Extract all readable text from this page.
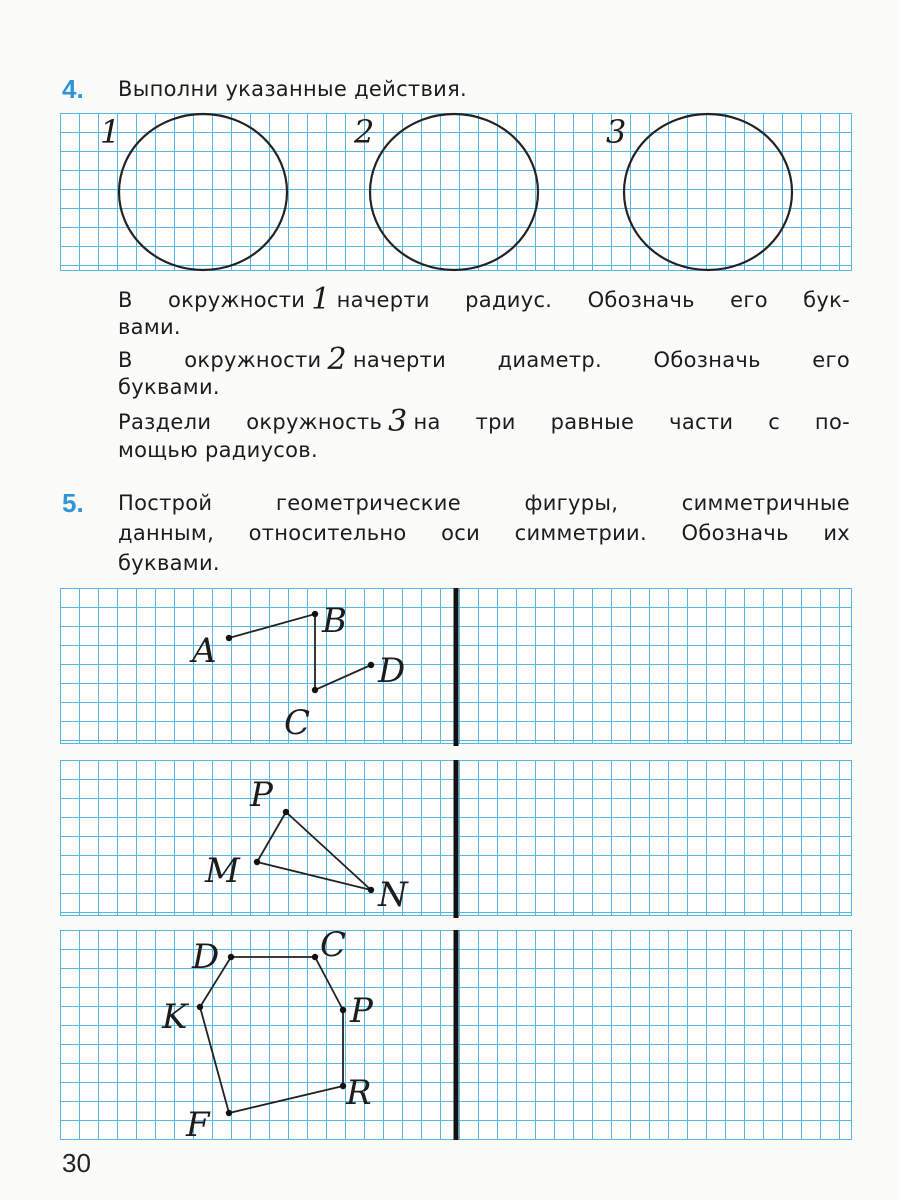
4. Выполни указанные действия.
1	2	3
В окружности 1 начерти радиус. Обозначь его бук-
вами.
В окружности 2 начерти диаметр. Обозначь его
буквами.
Раздели окружность 3 на три равные части с по-
мощью радиусов.
5. Построй геометрические фигуры, симметричные
данным, относительно оси симметрии. Обозначь их
буквами.
A
B
C
D
P
M
N
D	C
K	P
R
F
30
